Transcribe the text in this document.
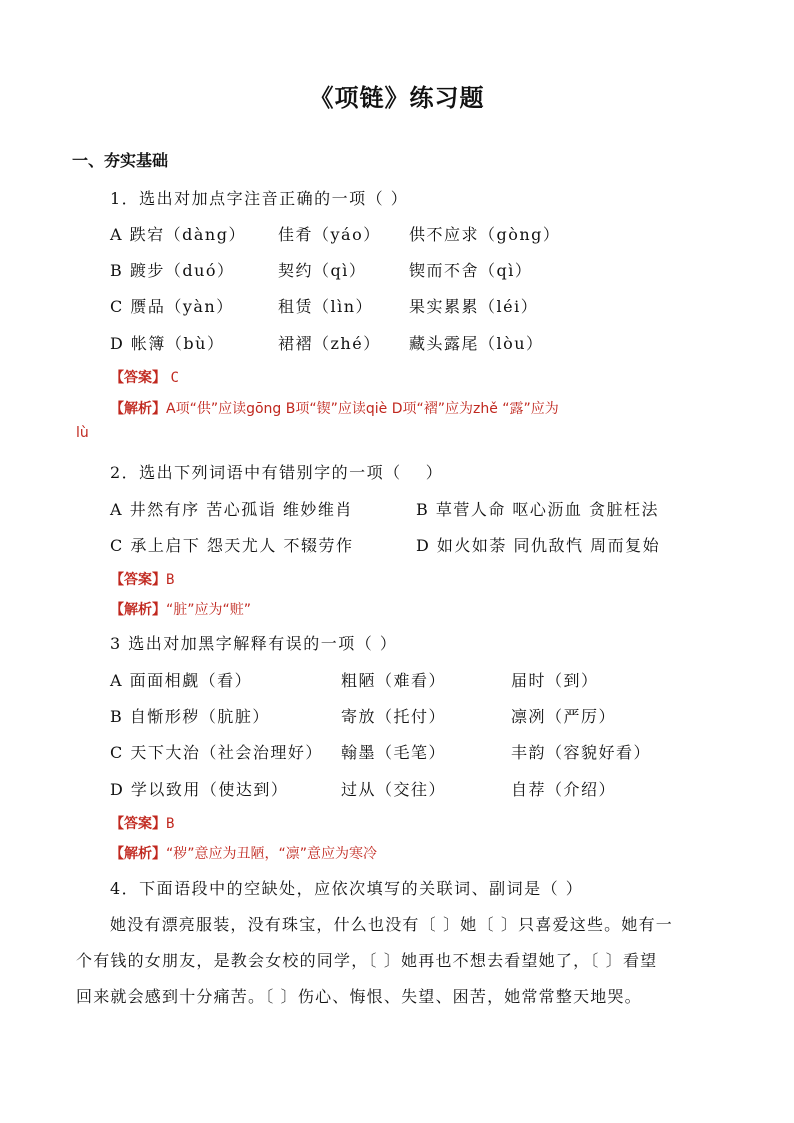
《项链》练习题
一、夯实基础
1．选出对加点字注音正确的一项（ ）
A 跌宕（dàng） 佳肴（yáo） 供不应求（gòng）
B 踱步（duó）	契约（qì）	锲而不舍（qì）
C 赝品（yàn）	租赁（lìn） 果实累累（léi）
D 帐簿（bù）	裙褶（zhé） 藏头露尾（lòu）
【答案】 C
【解析】A项“供”应读gōng B项“锲”应读qiè D项“褶”应为zhě “露”应为
lù
2．选出下列词语中有错别字的一项（　 ）
A 井然有序 苦心孤诣 维妙维肖	B 草菅人命 呕心沥血 贪脏枉法
C 承上启下 怨天尤人 不辍劳作	D 如火如荼 同仇敌忾 周而复始
【答案】B
【解析】“脏”应为“赃”
3 选出对加黑字解释有误的一项（ ）
A 面面相觑（看）	粗陋（难看）	届时（到）
B 自惭形秽（肮脏）	寄放（托付）	凛冽（严厉）
C 天下大治（社会治理好） 翰墨（毛笔）	丰韵（容貌好看）
D 学以致用（使达到）	过从（交往）	自荐（介绍）
【答案】B
【解析】“秽”意应为丑陋，“凛”意应为寒冷
4．下面语段中的空缺处，应依次填写的关联词、副词是（ ）
她没有漂亮服装，没有珠宝，什么也没有〔 〕她〔 〕只喜爱这些。她有一
个有钱的女朋友，是教会女校的同学，〔 〕她再也不想去看望她了，〔 〕看望
回来就会感到十分痛苦。〔 〕伤心、悔恨、失望、困苦，她常常整天地哭。
